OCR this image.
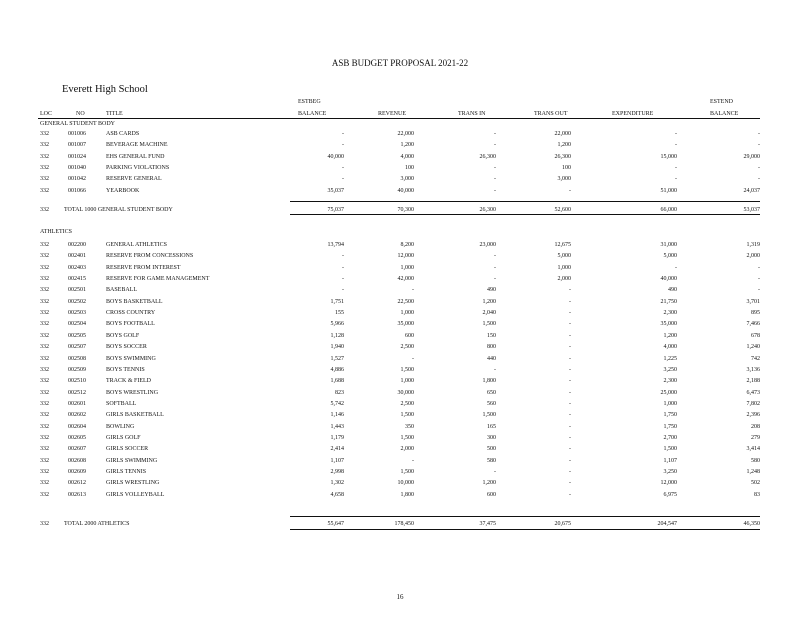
ASB BUDGET PROPOSAL 2021-22
Everett High School
LOC	NO	TITLE
ESTBEG
BALANCE	REVENUE	TRANS IN	TRANS OUT	EXPENDITURE
ESTEND
BALANCE
GENERAL STUDENT BODY
332	001006	ASB CARDS	-	22,000	-	22,000	-	-
332	001007	BEVERAGE MACHINE	-	1,200	-	1,200	-	-
332	001024	EHS GENERAL FUND	40,000	4,000	26,300	26,300	15,000	29,000
332	001040	PARKING VIOLATIONS	-	100	-	100	-	-
332	001042	RESERVE GENERAL	-	3,000	-	3,000	-	-
332	001066	YEARBOOK	35,037	40,000	-	-	51,000	24,037
332	TOTAL 1000 GENERAL STUDENT BODY	75,037	70,300	26,300	52,600	66,000	53,037
ATHLETICS
332	002200	GENERAL ATHLETICS	13,794	8,200	23,000	12,675	31,000	1,319
332	002401	RESERVE FROM CONCESSIONS	-	12,000	-	5,000	5,000	2,000
332	002403	RESERVE FROM INTEREST	-	1,000	-	1,000	-	-
332	002415	RESERVE FOR GAME MANAGEMENT	-	42,000	-	2,000	40,000	-
332	002501	BASEBALL	-	-	490	-	490	-
332	002502	BOYS BASKETBALL	1,751	22,500	1,200	-	21,750	3,701
332	002503	CROSS COUNTRY	155	1,000	2,040	-	2,300	895
332	002504	BOYS FOOTBALL	5,966	35,000	1,500	-	35,000	7,466
332	002505	BOYS GOLF	1,128	600	150	-	1,200	678
332	002507	BOYS SOCCER	1,940	2,500	800	-	4,000	1,240
332	002508	BOYS SWIMMING	1,527	-	440	-	1,225	742
332	002509	BOYS TENNIS	4,886	1,500	-	-	3,250	3,136
332	002510	TRACK & FIELD	1,688	1,000	1,800	-	2,300	2,188
332	002512	BOYS WRESTLING	823	30,000	650	-	25,000	6,473
332	002601	SOFTBALL	5,742	2,500	560	-	1,000	7,802
332	002602	GIRLS BASKETBALL	1,146	1,500	1,500	-	1,750	2,396
332	002604	BOWLING	1,443	350	165	-	1,750	208
332	002605	GIRLS GOLF	1,179	1,500	300	-	2,700	279
332	002607	GIRLS SOCCER	2,414	2,000	500	-	1,500	3,414
332	002608	GIRLS SWIMMING	1,107	-	580	-	1,107	580
332	002609	GIRLS TENNIS	2,998	1,500	-	-	3,250	1,248
332	002612	GIRLS WRESTLING	1,302	10,000	1,200	-	12,000	502
332	002613	GIRLS VOLLEYBALL	4,658	1,800	600	-	6,975	83
332	TOTAL 2000 ATHLETICS	55,647	178,450	37,475	20,675	204,547	46,350
16
